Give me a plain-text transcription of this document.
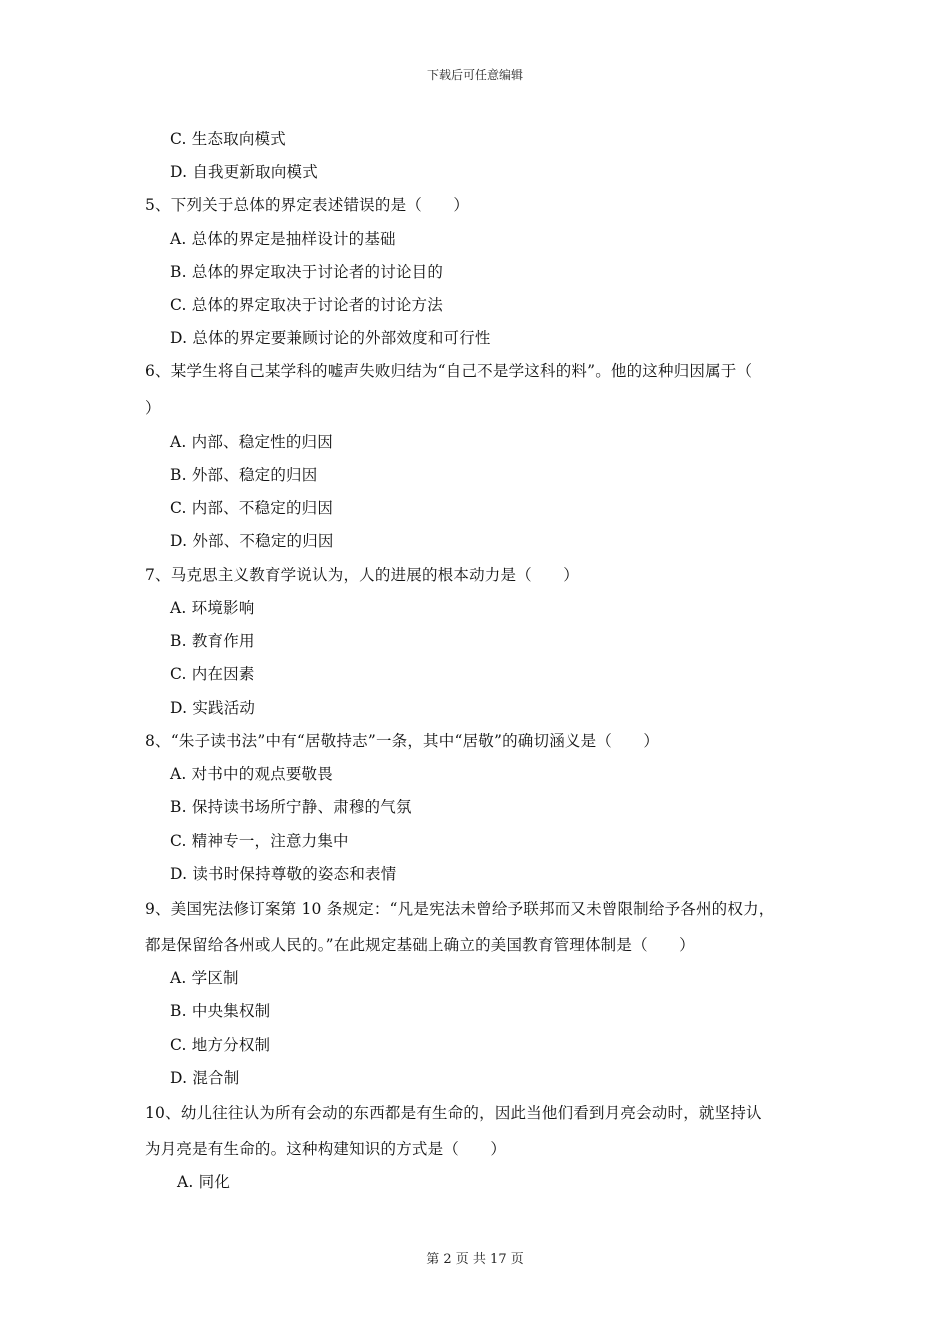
下载后可任意编辑
C. 生态取向模式
D. 自我更新取向模式
5、下列关于总体的界定表述错误的是（　　）
A. 总体的界定是抽样设计的基础
B. 总体的界定取决于讨论者的讨论目的
C. 总体的界定取决于讨论者的讨论方法
D. 总体的界定要兼顾讨论的外部效度和可行性
6、某学生将自己某学科的嘘声失败归结为“自己不是学这科的料”。他的这种归因属于（
）
A. 内部、稳定性的归因
B. 外部、稳定的归因
C. 内部、不稳定的归因
D. 外部、不稳定的归因
7、马克思主义教育学说认为，人的进展的根本动力是（　　）
A. 环境影响
B. 教育作用
C. 内在因素
D. 实践活动
8、“朱子读书法”中有“居敬持志”一条，其中“居敬”的确切涵义是（　　）
A. 对书中的观点要敬畏
B. 保持读书场所宁静、肃穆的气氛
C. 精神专一，注意力集中
D. 读书时保持尊敬的姿态和表情
9、美国宪法修订案第 10 条规定：“凡是宪法未曾给予联邦而又未曾限制给予各州的权力，
都是保留给各州或人民的。”在此规定基础上确立的美国教育管理体制是（　　）
A. 学区制
B. 中央集权制
C. 地方分权制
D. 混合制
10、幼儿往往认为所有会动的东西都是有生命的，因此当他们看到月亮会动时，就坚持认
为月亮是有生命的。这种构建知识的方式是（　　）
A. 同化
第 2 页 共 17 页
